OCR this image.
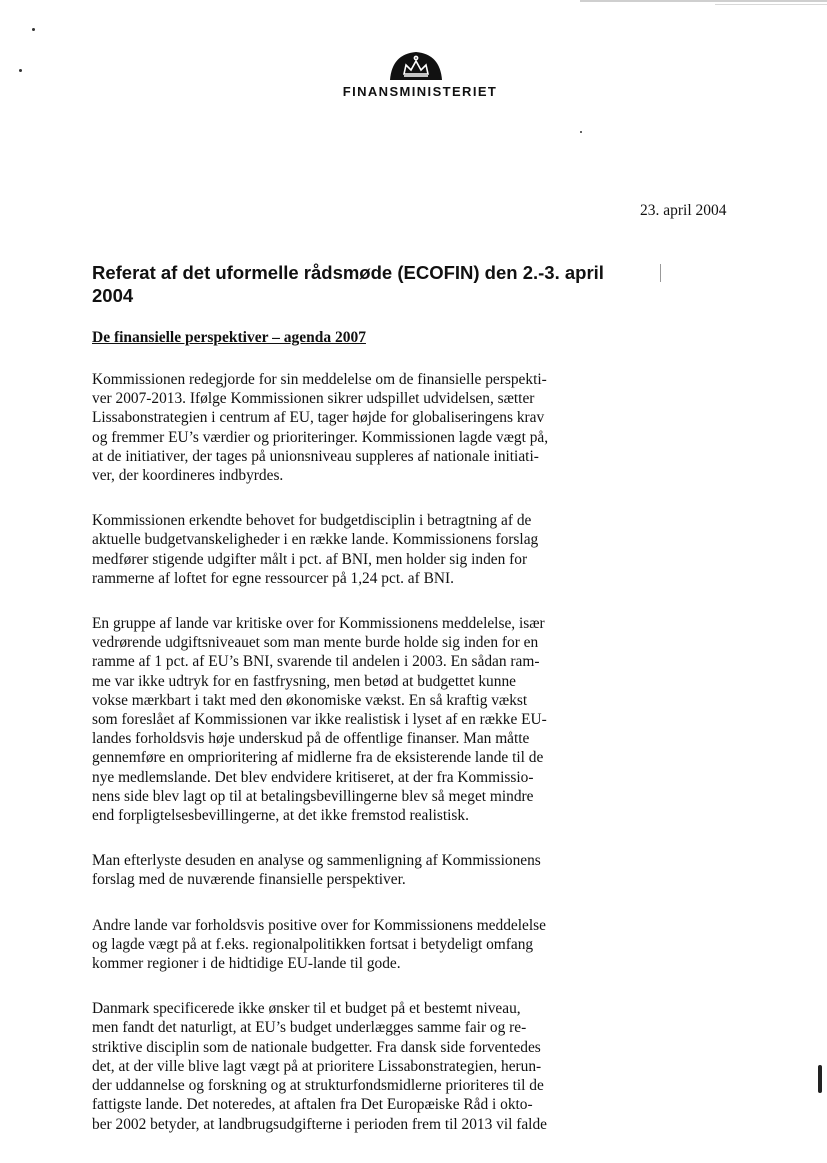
FINANSMINISTERIET
23. april 2004
Referat af det uformelle rådsmøde (ECOFIN) den 2.-3. april 2004
De finansielle perspektiver – agenda 2007

Kommissionen redegjorde for sin meddelelse om de finansielle perspekti-
ver 2007-2013. Ifølge Kommissionen sikrer udspillet udvidelsen, sætter
Lissabonstrategien i centrum af EU, tager højde for globaliseringens krav
og fremmer EU’s værdier og prioriteringer. Kommissionen lagde vægt på,
at de initiativer, der tages på unionsniveau suppleres af nationale initiati-
ver, der koordineres indbyrdes.

Kommissionen erkendte behovet for budgetdisciplin i betragtning af de
aktuelle budgetvanskeligheder i en række lande. Kommissionens forslag
medfører stigende udgifter målt i pct. af BNI, men holder sig inden for
rammerne af loftet for egne ressourcer på 1,24 pct. af BNI.

En gruppe af lande var kritiske over for Kommissionens meddelelse, især
vedrørende udgiftsniveauet som man mente burde holde sig inden for en
ramme af 1 pct. af EU’s BNI, svarende til andelen i 2003. En sådan ram-
me var ikke udtryk for en fastfrysning, men betød at budgettet kunne
vokse mærkbart i takt med den økonomiske vækst. En så kraftig vækst
som foreslået af Kommissionen var ikke realistisk i lyset af en række EU-
landes forholdsvis høje underskud på de offentlige finanser. Man måtte
gennemføre en omprioritering af midlerne fra de eksisterende lande til de
nye medlemslande. Det blev endvidere kritiseret, at der fra Kommissio-
nens side blev lagt op til at betalingsbevillingerne blev så meget mindre
end forpligtelsesbevillingerne, at det ikke fremstod realistisk.

Man efterlyste desuden en analyse og sammenligning af Kommissionens
forslag med de nuværende finansielle perspektiver.

Andre lande var forholdsvis positive over for Kommissionens meddelelse
og lagde vægt på at f.eks. regionalpolitikken fortsat i betydeligt omfang
kommer regioner i de hidtidige EU-lande til gode.

Danmark specificerede ikke ønsker til et budget på et bestemt niveau,
men fandt det naturligt, at EU’s budget underlægges samme fair og re-
striktive disciplin som de nationale budgetter. Fra dansk side forventedes
det, at der ville blive lagt vægt på at prioritere Lissabonstrategien, herun-
der uddannelse og forskning og at strukturfondsmidlerne prioriteres til de
fattigste lande. Det noteredes, at aftalen fra Det Europæiske Råd i okto-
ber 2002 betyder, at landbrugsudgifterne i perioden frem til 2013 vil falde
